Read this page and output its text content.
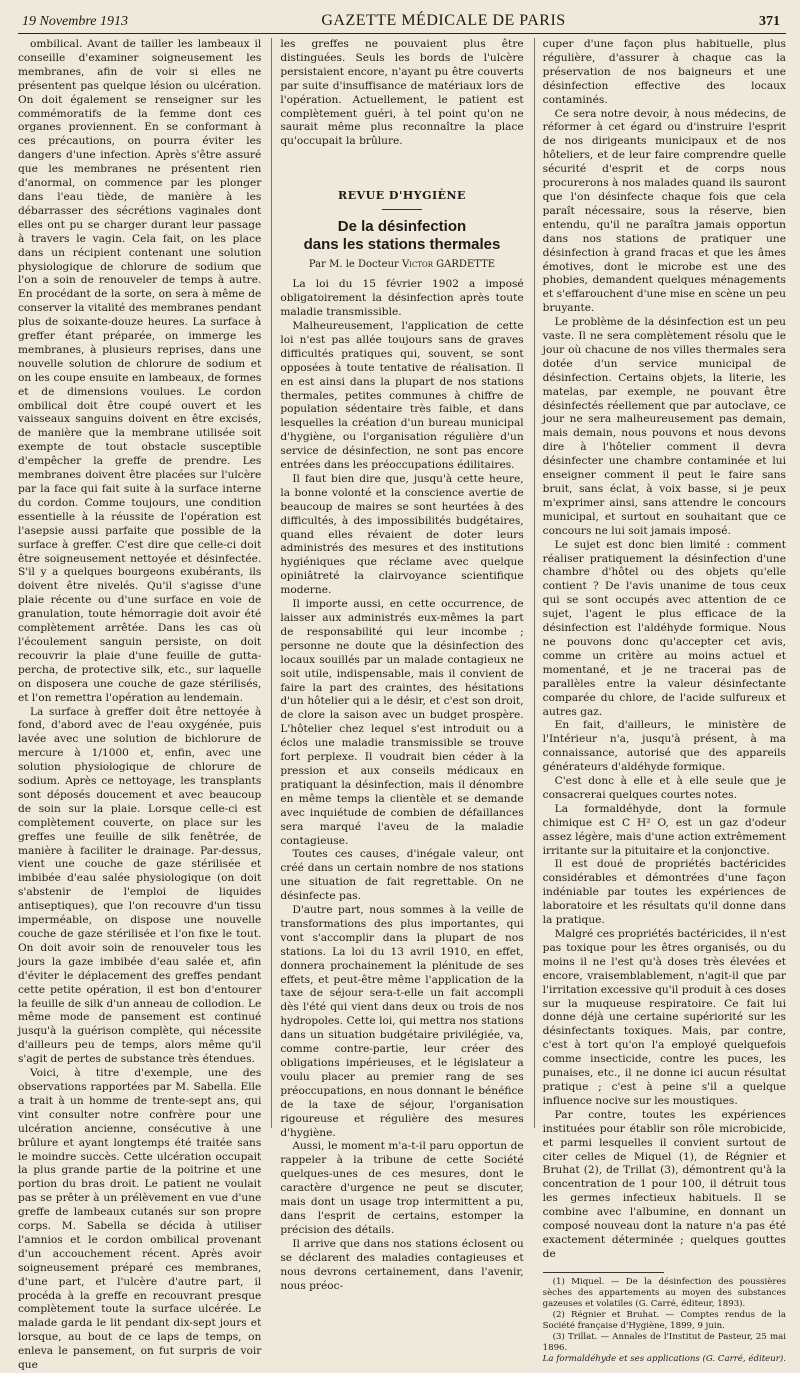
19 Novembre 1913	GAZETTE MÉDICALE DE PARIS	371

ombilical. Avant de tailler les lambeaux il conseille d'examiner soigneusement les membranes, afin de voir si elles ne présentent pas quelque lésion ou ulcération. On doit également se renseigner sur les commémoratifs de la femme dont ces organes proviennent. En se conformant à ces précautions, on pourra éviter les dangers d'une infection. Après s'être assuré que les membranes ne présentent rien d'anormal, on commence par les plonger dans l'eau tiède, de manière à les débarrasser des sécrétions vaginales dont elles ont pu se charger durant leur passage à travers le vagin. Cela fait, on les place dans un récipient contenant une solution physiologique de chlorure de sodium que l'on a soin de renouveler de temps à autre. En procédant de la sorte, on sera à même de conserver la vitalité des membranes pendant plus de soixante-douze heures. La surface à greffer étant préparée, on immerge les membranes, à plusieurs reprises, dans une nouvelle solution de chlorure de sodium et on les coupe ensuite en lambeaux, de formes et de dimensions voulues. Le cordon ombilical doit être coupé ouvert et les vaisseaux sanguins doivent en être excisés, de manière que la membrane utilisée soit exempte de tout obstacle susceptible d'empêcher la greffe de prendre. Les membranes doivent être placées sur l'ulcère par la face qui fait suite à la surface interne du cordon. Comme toujours, une condition essentielle à la réussite de l'opération est l'asepsie aussi parfaite que possible de la surface à greffer. C'est dire que celle-ci doit être soigneusement nettoyée et désinfectée. S'il y a quelques bourgeons exubérants, ils doivent être nivelés. Qu'il s'agisse d'une plaie récente ou d'une surface en voie de granulation, toute hémorragie doit avoir été complètement arrêtée. Dans les cas où l'écoulement sanguin persiste, on doit recouvrir la plaie d'une feuille de gutta-percha, de protective silk, etc., sur laquelle on disposera une couche de gaze stérilisés, et l'on remettra l'opération au lendemain.

La surface à greffer doit être nettoyée à fond, d'abord avec de l'eau oxygénée, puis lavée avec une solution de bichlorure de mercure à 1/1000 et, enfin, avec une solution physiologique de chlorure de sodium. Après ce nettoyage, les transplants sont déposés doucement et avec beaucoup de soin sur la plaie. Lorsque celle-ci est complètement couverte, on place sur les greffes une feuille de silk fenêtrée, de manière à faciliter le drainage. Par-dessus, vient une couche de gaze stérilisée et imbibée d'eau salée physiologique (on doit s'abstenir de l'emploi de liquides antiseptiques), que l'on recouvre d'un tissu imperméable, on dispose une nouvelle couche de gaze stérilisée et l'on fixe le tout. On doit avoir soin de renouveler tous les jours la gaze imbibée d'eau salée et, afin d'éviter le déplacement des greffes pendant cette petite opération, il est bon d'entourer la feuille de silk d'un anneau de collodion. Le même mode de pansement est continué jusqu'à la guérison complète, qui nécessite d'ailleurs peu de temps, alors même qu'il s'agit de pertes de substance très étendues.

Voici, à titre d'exemple, une des observations rapportées par M. Sabella. Elle a trait à un homme de trente-sept ans, qui vint consulter notre confrère pour une ulcération ancienne, consécutive à une brûlure et ayant longtemps été traitée sans le moindre succès. Cette ulcération occupait la plus grande partie de la poitrine et une portion du bras droit. Le patient ne voulait pas se prêter à un prélèvement en vue d'une greffe de lambeaux cutanés sur son propre corps. M. Sabella se décida à utiliser l'amnios et le cordon ombilical provenant d'un accouchement récent. Après avoir soigneusement préparé ces membranes, d'une part, et l'ulcère d'autre part, il procéda à la greffe en recouvrant presque complètement toute la surface ulcérée. Le malade garda le lit pendant dix-sept jours et lorsque, au bout de ce laps de temps, on enleva le pansement, on fut surpris de voir que

les greffes ne pouvaient plus être distinguées. Seuls les bords de l'ulcère persistaient encore, n'ayant pu être couverts par suite d'insuffisance de matériaux lors de l'opération. Actuellement, le patient est complètement guéri, à tel point qu'on ne saurait même plus reconnaître la place qu'occupait la brûlure.

REVUE D'HYGIÈNE
De la désinfection
dans les stations thermales
Par M. le Docteur Victor GARDETTE

La loi du 15 février 1902 a imposé obligatoirement la désinfection après toute maladie transmissible.

Malheureusement, l'application de cette loi n'est pas allée toujours sans de graves difficultés pratiques qui, souvent, se sont opposées à toute tentative de réalisation. Il en est ainsi dans la plupart de nos stations thermales, petites communes à chiffre de population sédentaire très faible, et dans lesquelles la création d'un bureau municipal d'hygiène, ou l'organisation régulière d'un service de désinfection, ne sont pas encore entrées dans les préoccupations édilitaires.

Il faut bien dire que, jusqu'à cette heure, la bonne volonté et la conscience avertie de beaucoup de maires se sont heurtées à des difficultés, à des impossibilités budgétaires, quand elles révaient de doter leurs administrés des mesures et des institutions hygiéniques que réclame avec quelque opiniâtreté la clairvoyance scientifique moderne.

Il importe aussi, en cette occurrence, de laisser aux administrés eux-mêmes la part de responsabilité qui leur incombe ; personne ne doute que la désinfection des locaux souillés par un malade contagieux ne soit utile, indispensable, mais il convient de faire la part des craintes, des hésitations d'un hôtelier qui a le désir, et c'est son droit, de clore la saison avec un budget prospère. L'hôtelier chez lequel s'est introduit ou a éclos une maladie transmissible se trouve fort perplexe. Il voudrait bien céder à la pression et aux conseils médicaux en pratiquant la désinfection, mais il dénombre en même temps la clientèle et se demande avec inquiétude de combien de défaillances sera marqué l'aveu de la maladie contagieuse.

Toutes ces causes, d'inégale valeur, ont créé dans un certain nombre de nos stations une situation de fait regrettable. On ne désinfecte pas.

D'autre part, nous sommes à la veille de transformations des plus importantes, qui vont s'accomplir dans la plupart de nos stations. La loi du 13 avril 1910, en effet, donnera prochainement la plénitude de ses effets, et peut-être même l'application de la taxe de séjour sera-t-elle un fait accompli dès l'été qui vient dans deux ou trois de nos hydropoles. Cette loi, qui mettra nos stations dans un situation budgétaire privilégiée, va, comme contre-partie, leur créer des obligations impérieuses, et le législateur a voulu placer au premier rang de ses préoccupations, en nous donnant le bénéfice de la taxe de séjour, l'organisation rigoureuse et régulière des mesures d'hygiène.

Aussi, le moment m'a-t-il paru opportun de rappeler à la tribune de cette Société quelques-unes de ces mesures, dont le caractère d'urgence ne peut se discuter, mais dont un usage trop intermittent a pu, dans l'esprit de certains, estomper la précision des détails.

Il arrive que dans nos stations éclosent ou se déclarent des maladies contagieuses et nous devrons certainement, dans l'avenir, nous préoc-

cuper d'une façon plus habituelle, plus régulière, d'assurer à chaque cas la préservation de nos baigneurs et une désinfection effective des locaux contaminés.

Ce sera notre devoir, à nous médecins, de réformer à cet égard ou d'instruire l'esprit de nos dirigeants municipaux et de nos hôteliers, et de leur faire comprendre quelle sécurité d'esprit et de corps nous procurerons à nos malades quand ils sauront que l'on désinfecte chaque fois que cela paraît nécessaire, sous la réserve, bien entendu, qu'il ne paraîtra jamais opportun dans nos stations de pratiquer une désinfection à grand fracas et que les âmes émotives, dont le microbe est une des phobies, demandent quelques ménagements et s'effarouchent d'une mise en scène un peu bruyante.

Le problème de la désinfection est un peu vaste. Il ne sera complètement résolu que le jour où chacune de nos villes thermales sera dotée d'un service municipal de désinfection. Certains objets, la literie, les matelas, par exemple, ne pouvant être désinfectés réellement que par autoclave, ce jour ne sera malheureusement pas demain, mais demain, nous pouvons et nous devons dire à l'hôtelier comment il devra désinfecter une chambre contaminée et lui enseigner comment il peut le faire sans bruit, sans éclat, à voix basse, si je peux m'exprimer ainsi, sans attendre le concours municipal, et surtout en souhaitant que ce concours ne lui soit jamais imposé.

Le sujet est donc bien limité : comment réaliser pratiquement la désinfection d'une chambre d'hôtel ou des objets qu'elle contient ? De l'avis unanime de tous ceux qui se sont occupés avec attention de ce sujet, l'agent le plus efficace de la désinfection est l'aldéhyde formique. Nous ne pouvons donc qu'accepter cet avis, comme un critère au moins actuel et momentané, et je ne tracerai pas de parallèles entre la valeur désinfectante comparée du chlore, de l'acide sulfureux et autres gaz.

En fait, d'ailleurs, le ministère de l'Intérieur n'a, jusqu'à présent, à ma connaissance, autorisé que des appareils générateurs d'aldéhyde formique.

C'est donc à elle et à elle seule que je consacrerai quelques courtes notes.

La formaldéhyde, dont la formule chimique est C H² O, est un gaz d'odeur assez légère, mais d'une action extrêmement irritante sur la pituitaire et la conjonctive.

Il est doué de propriétés bactéricides considérables et démontrées d'une façon indéniable par toutes les expériences de laboratoire et les résultats qu'il donne dans la pratique.

Malgré ces propriétés bactéricides, il n'est pas toxique pour les êtres organisés, ou du moins il ne l'est qu'à doses très élevées et encore, vraisemblablement, n'agit-il que par l'irritation excessive qu'il produit à ces doses sur la muqueuse respiratoire. Ce fait lui donne déjà une certaine supériorité sur les désinfectants toxiques. Mais, par contre, c'est à tort qu'on l'a employé quelquefois comme insecticide, contre les puces, les punaises, etc., il ne donne ici aucun résultat pratique ; c'est à peine s'il a quelque influence nocive sur les moustiques.

Par contre, toutes les expériences instituées pour établir son rôle microbicide, et parmi lesquelles il convient surtout de citer celles de Miquel (1), de Régnier et Bruhat (2), de Trillat (3), démontrent qu'à la concentration de 1 pour 100, il détruit tous les germes infectieux habituels. Il se combine avec l'albumine, en donnant un composé nouveau dont la nature n'a pas été exactement déterminée ; quelques gouttes de

(1) Miquel. — De la désinfection des poussières sèches des appartements au moyen des substances gazeuses et volatiles (G. Carré, éditeur, 1893).

(2) Régnier et Bruhat. — Comptes rendus de la Société française d'Hygiène, 1899, 9 juin.

(3) Trillat. — Annales de l'Institut de Pasteur, 25 mai 1896.

La formaldéhyde et ses applications (G. Carré, éditeur).
